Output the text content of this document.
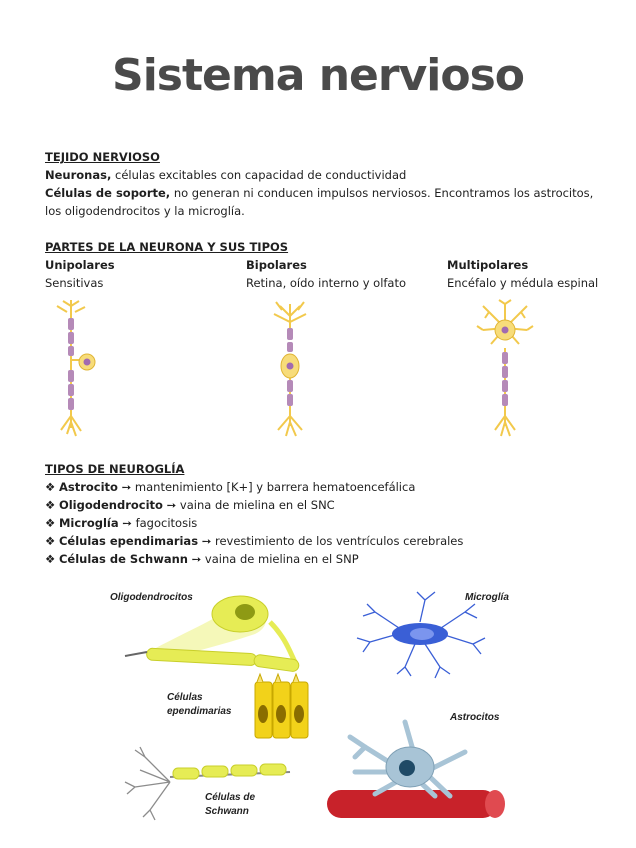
Sistema nervioso
TEJIDO NERVIOSO
Neuronas, células excitables con capacidad de conductividad
Células de soporte, no generan ni conducen impulsos nerviosos. Encontramos los astrocitos,
los oligodendrocitos y la microglía.
PARTES DE LA NEURONA Y SUS TIPOS
Unipolares
Sensitivas
Bipolares
Retina, oído interno y olfato
Multipolares
Encéfalo y médula espinal
TIPOS DE NEUROGLÍA
❖ Astrocito ➙ mantenimiento [K+] y barrera hematoencefálica
❖ Oligodendrocito ➙ vaina de mielina en el SNC
❖ Microglía ➙ fagocitosis
❖ Células ependimarias ➙ revestimiento de los ventrículos cerebrales
❖ Células de Schwann ➙ vaina de mielina en el SNP
Oligodendrocitos	Microglía
Células
ependimarias
Astrocitos
Células de
Schwann
